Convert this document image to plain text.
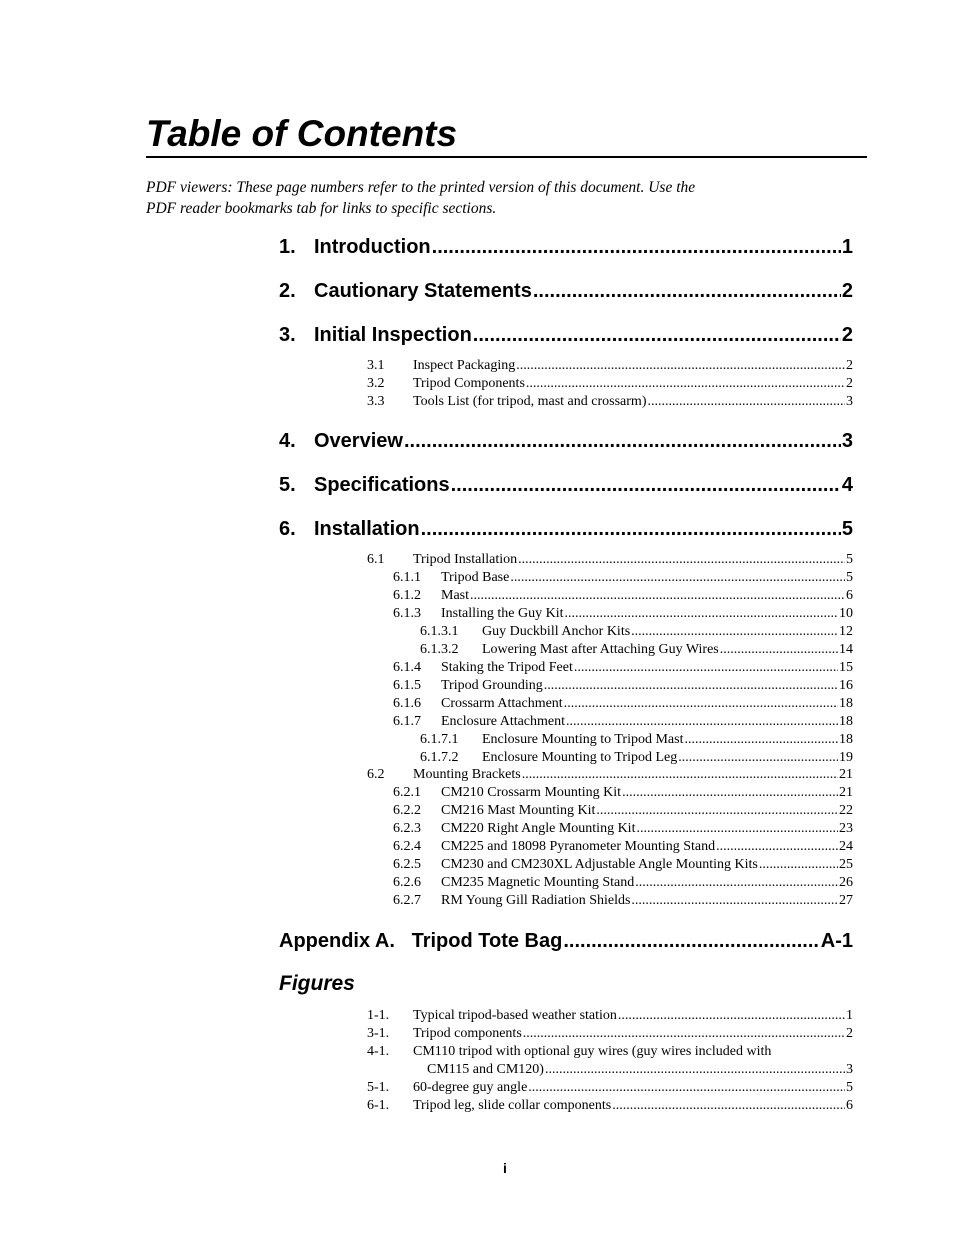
Table of Contents
PDF viewers: These page numbers refer to the printed version of this document. Use the
PDF reader bookmarks tab for links to specific sections.
1. Introduction .....	1
2. Cautionary Statements .....	2
3. Initial Inspection .....	2
3.1	Inspect Packaging .....	2
3.2	Tripod Components .....	2
3.3	Tools List (for tripod, mast and crossarm) .....	3
4. Overview .....	3
5. Specifications .....	4
6. Installation .....	5
6.1	Tripod Installation .....	5
6.1.1	Tripod Base .....	5
6.1.2	Mast .....	6
6.1.3	Installing the Guy Kit .....	10
6.1.3.1	Guy Duckbill Anchor Kits .....	12
6.1.3.2	Lowering Mast after Attaching Guy Wires .....	14
6.1.4	Staking the Tripod Feet .....	15
6.1.5	Tripod Grounding .....	16
6.1.6	Crossarm Attachment .....	18
6.1.7	Enclosure Attachment .....	18
6.1.7.1	Enclosure Mounting to Tripod Mast .....	18
6.1.7.2	Enclosure Mounting to Tripod Leg .....	19
6.2	Mounting Brackets .....	21
6.2.1	CM210 Crossarm Mounting Kit .....	21
6.2.2	CM216 Mast Mounting Kit .....	22
6.2.3	CM220 Right Angle Mounting Kit .....	23
6.2.4	CM225 and 18098 Pyranometer Mounting Stand .....	24
6.2.5	CM230 and CM230XL Adjustable Angle Mounting Kits .....	25
6.2.6	CM235 Magnetic Mounting Stand .....	26
6.2.7	RM Young Gill Radiation Shields .....	27
Appendix A.   Tripod Tote Bag .....	A-1
Figures
1-1.	Typical tripod-based weather station .....	1
3-1.	Tripod components .....	2
4-1. CM110 tripod with optional guy wires (guy wires included with
CM115 and CM120) .....	3
5-1.	60-degree guy angle .....	5
6-1.	Tripod leg, slide collar components .....	6
i
